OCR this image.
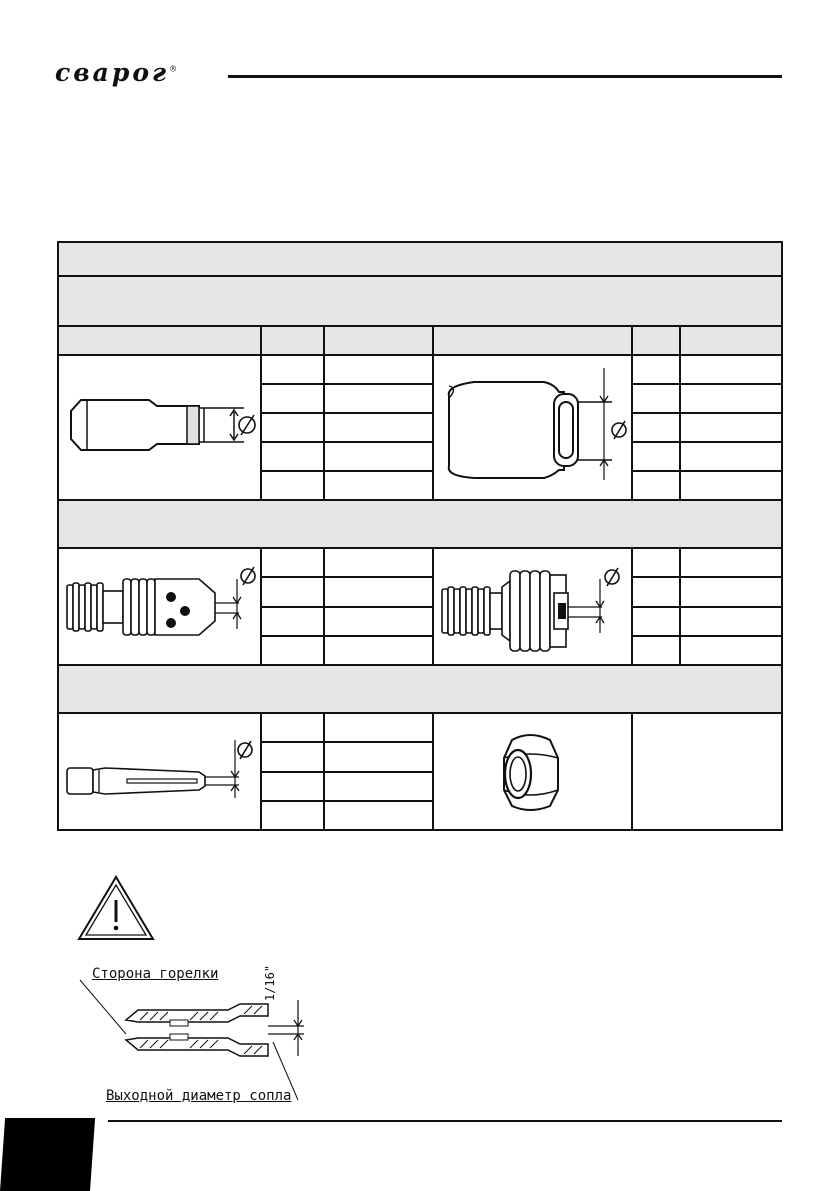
сварог®

Сторона горелки
Выходной диаметр сопла
1/16"
